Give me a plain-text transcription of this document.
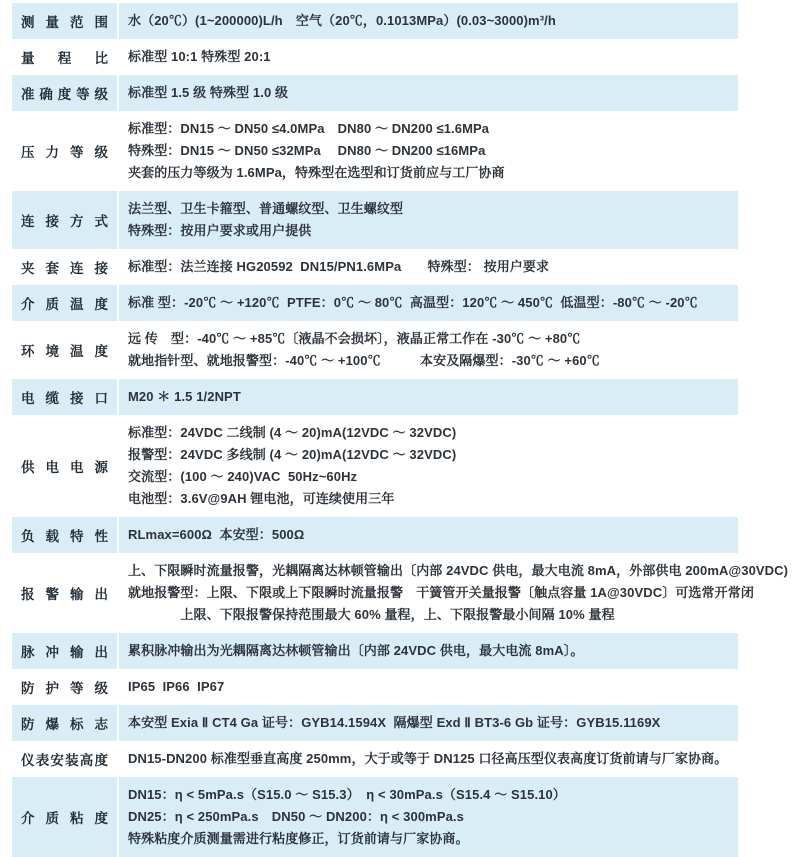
测 量 范 围 水（20℃）(1~200000)L/h　空气（20℃，0.1013MPa）(0.03~3000)m³/h
量 程 比 标准型 10:1 特殊型 20:1
准 确 度 等 级 标准型 1.5 级 特殊型 1.0 级
压 力 等 级
标准型：DN15 ～ DN50 ≤4.0MPa　DN80 ～ DN200 ≤1.6MPa
特殊型：DN15 ～ DN50 ≤32MPa　 DN80 ～ DN200 ≤16MPa
夹套的压力等级为 1.6MPa，特殊型在选型和订货前应与工厂协商
连 接 方 式
法兰型、卫生卡箍型、普通螺纹型、卫生螺纹型
特殊型：按用户要求或用户提供
夹 套 连 接 标准型：法兰连接 HG20592  DN15/PN1.6MPa　　特殊型： 按用户要求
介 质 温 度 标准 型：-20℃ ～ +120℃  PTFE：0℃ ～ 80℃  高温型：120℃ ～ 450℃  低温型：-80℃ ～ -20℃
环 境 温 度
远 传　型：-40℃ ～ +85℃〔液晶不会损坏〕，液晶正常工作在 -30℃ ～ +80℃
就地指针型、就地报警型：-40℃ ～ +100℃　　　本安及隔爆型：-30℃ ～ +60℃
电 缆 接 口 M20 ＊ 1.5 1/2NPT
供 电 电 源
标准型：24VDC 二线制 (4 ～ 20)mA(12VDC ～ 32VDC)
报警型：24VDC 多线制 (4 ～ 20)mA(12VDC ～ 32VDC)
交流型：(100 ～ 240)VAC  50Hz~60Hz
电池型：3.6V@9AH 锂电池，可连续使用三年
负 载 特 性 RLmax=600Ω  本安型：500Ω
报 警 输 出
上、下限瞬时流量报警，光耦隔离达林顿管输出〔内部 24VDC 供电，最大电流 8mA，外部供电 200mA@30VDC)
就地报警型：上限、下限或上下限瞬时流量报警　干簧管开关量报警〔触点容量 1A@30VDC〕可选常开常闭
　　　　上限、下限报警保持范围最大 60% 量程，上、下限报警最小间隔 10% 量程
脉 冲 输 出 累积脉冲输出为光耦隔离达林顿管输出〔内部 24VDC 供电，最大电流 8mA〕。
防 护 等 级 IP65  IP66  IP67
防 爆 标 志 本安型 Exia Ⅱ CT4 Ga 证号：GYB14.1594X  隔爆型 Exd Ⅱ BT3-6 Gb 证号：GYB15.1169X
仪表安装高度 DN15-DN200 标准型垂直高度 250mm，大于或等于 DN125 口径高压型仪表高度订货前请与厂家协商。
介 质 粘 度
DN15：η < 5mPa.s（S15.0 ～ S15.3）　η < 30mPa.s（S15.4 ～ S15.10）
DN25：η < 250mPa.s　DN50 ～ DN200：η < 300mPa.s
特殊粘度介质测量需进行粘度修正，订货前请与厂家协商。
